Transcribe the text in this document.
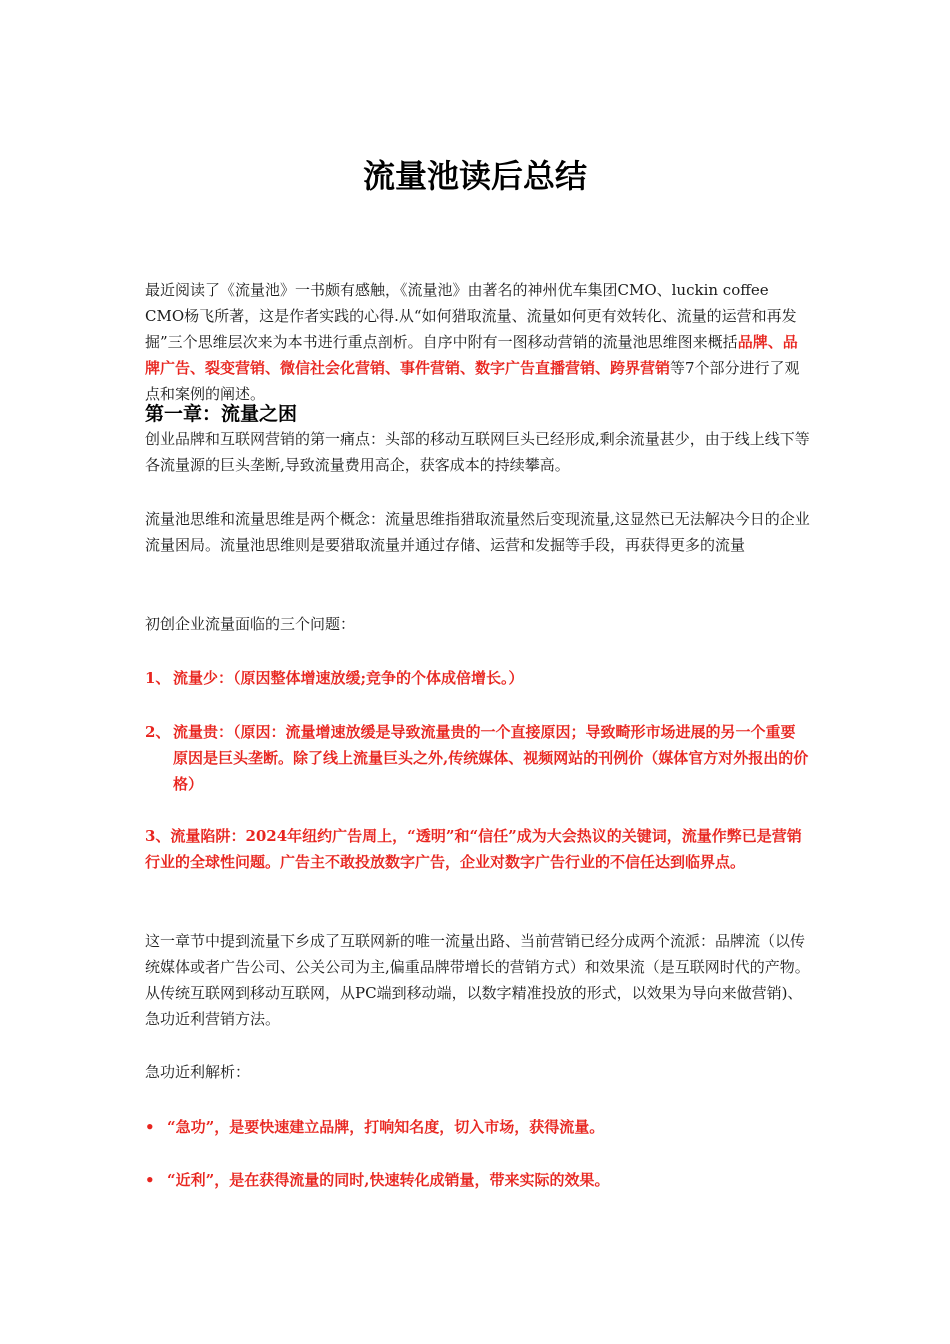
流量池读后总结
最近阅读了《流量池》一书颇有感触，《流量池》由著名的神州优车集团CMO、luckin coffee CMO杨飞所著，这是作者实践的心得.从“如何猎取流量、流量如何更有效转化、流量的运营和再发掘”三个思维层次来为本书进行重点剖析。自序中附有一图移动营销的流量池思维图来概括品牌、品牌广告、裂变营销、微信社会化营销、事件营销、数字广告直播营销、跨界营销等7个部分进行了观点和案例的阐述。
第一章：流量之困
创业品牌和互联网营销的第一痛点：头部的移动互联网巨头已经形成,剩余流量甚少，由于线上线下等各流量源的巨头垄断,导致流量费用高企，获客成本的持续攀高。
流量池思维和流量思维是两个概念：流量思维指猎取流量然后变现流量,这显然已无法解决今日的企业流量困局。流量池思维则是要猎取流量并通过存储、运营和发掘等手段，再获得更多的流量
初创企业流量面临的三个问题：
1、 流量少：（原因整体增速放缓;竞争的个体成倍增长。）
2、 流量贵：（原因：流量增速放缓是导致流量贵的一个直接原因；导致畸形市场进展的另一个重要原因是巨头垄断。除了线上流量巨头之外,传统媒体、视频网站的刊例价（媒体官方对外报出的价格）
3、流量陷阱：2024年纽约广告周上，“透明”和“信任”成为大会热议的关键词，流量作弊已是营销行业的全球性问题。广告主不敢投放数字广告，企业对数字广告行业的不信任达到临界点。
这一章节中提到流量下乡成了互联网新的唯一流量出路、当前营销已经分成两个流派：品牌流（以传统媒体或者广告公司、公关公司为主,偏重品牌带增长的营销方式）和效果流（是互联网时代的产物。从传统互联网到移动互联网，从PC端到移动端，以数字精准投放的形式，以效果为导向来做营销)、急功近利营销方法。
急功近利解析：
• “急功”，是要快速建立品牌，打响知名度，切入市场，获得流量。
• “近利”，是在获得流量的同时,快速转化成销量，带来实际的效果。
